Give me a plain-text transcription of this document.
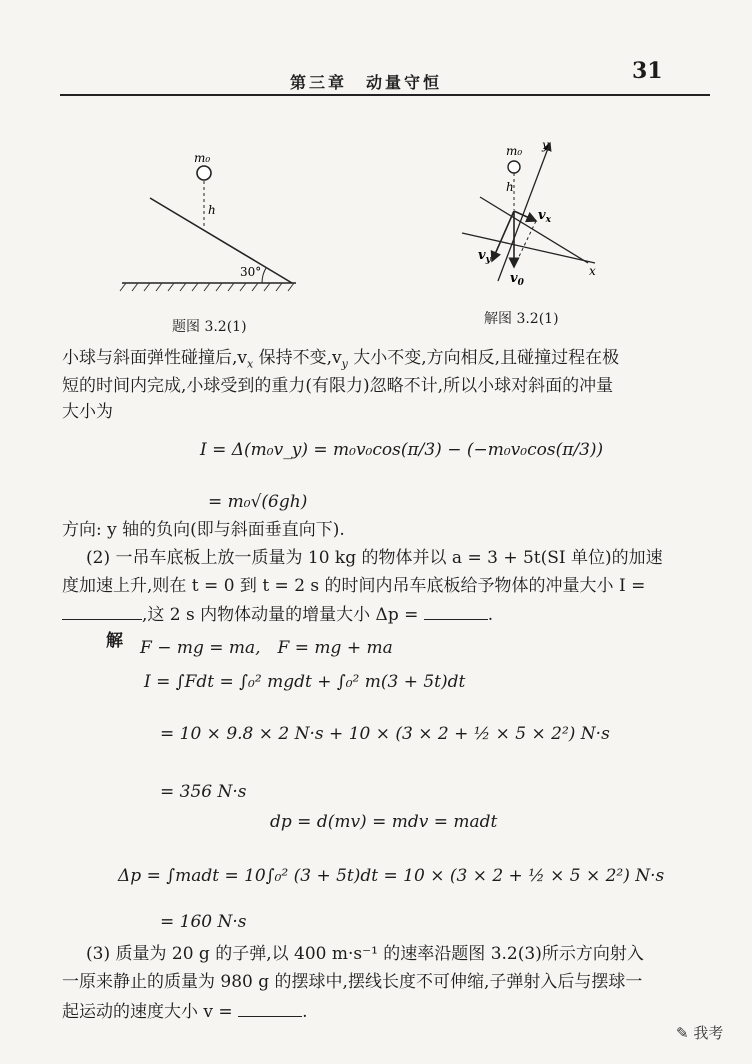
第三章　动量守恒	31
m₀
h
30°
题图 3.2(1)
m₀
h
y
x
$v_x$
$v_y$
$v_0$
解图 3.2(1)
小球与斜面弹性碰撞后$,v_x$ 保持不变$,v_y$ 大小不变,方向相反,且碰撞过程在极
短的时间内完成,小球受到的重力(有限力)忽略不计,所以小球对斜面的冲量
大小为
I = Δ(m₀v_y) = m₀v₀cos(π/3) − (−m₀v₀cos(π/3))
= m₀√(6gh)
方向: y 轴的负向(即与斜面垂直向下).
(2) 一吊车底板上放一质量为 10 kg 的物体并以 a = 3 + 5t(SI 单位)的加速
度加速上升,则在 t = 0 到 t = 2 s 的时间内吊车底板给予物体的冲量大小 I =
,这 2 s 内物体动量的增量大小 Δp =	.
解 F − mg = ma,　F = mg + ma
I = ∫Fdt = ∫₀² mgdt + ∫₀² m(3 + 5t)dt
= 10 × 9.8 × 2 N·s + 10 × (3 × 2 + ½ × 5 × 2²) N·s
= 356 N·s
dp = d(mv) = mdv = madt
Δp = ∫madt = 10∫₀² (3 + 5t)dt = 10 × (3 × 2 + ½ × 5 × 2²) N·s
= 160 N·s
(3) 质量为 20 g 的子弹,以 400 m·s⁻¹ 的速率沿题图 3.2(3)所示方向射入
一原来静止的质量为 980 g 的摆球中,摆线长度不可伸缩,子弹射入后与摆球一
起运动的速度大小 v =	.
✎ 我考
